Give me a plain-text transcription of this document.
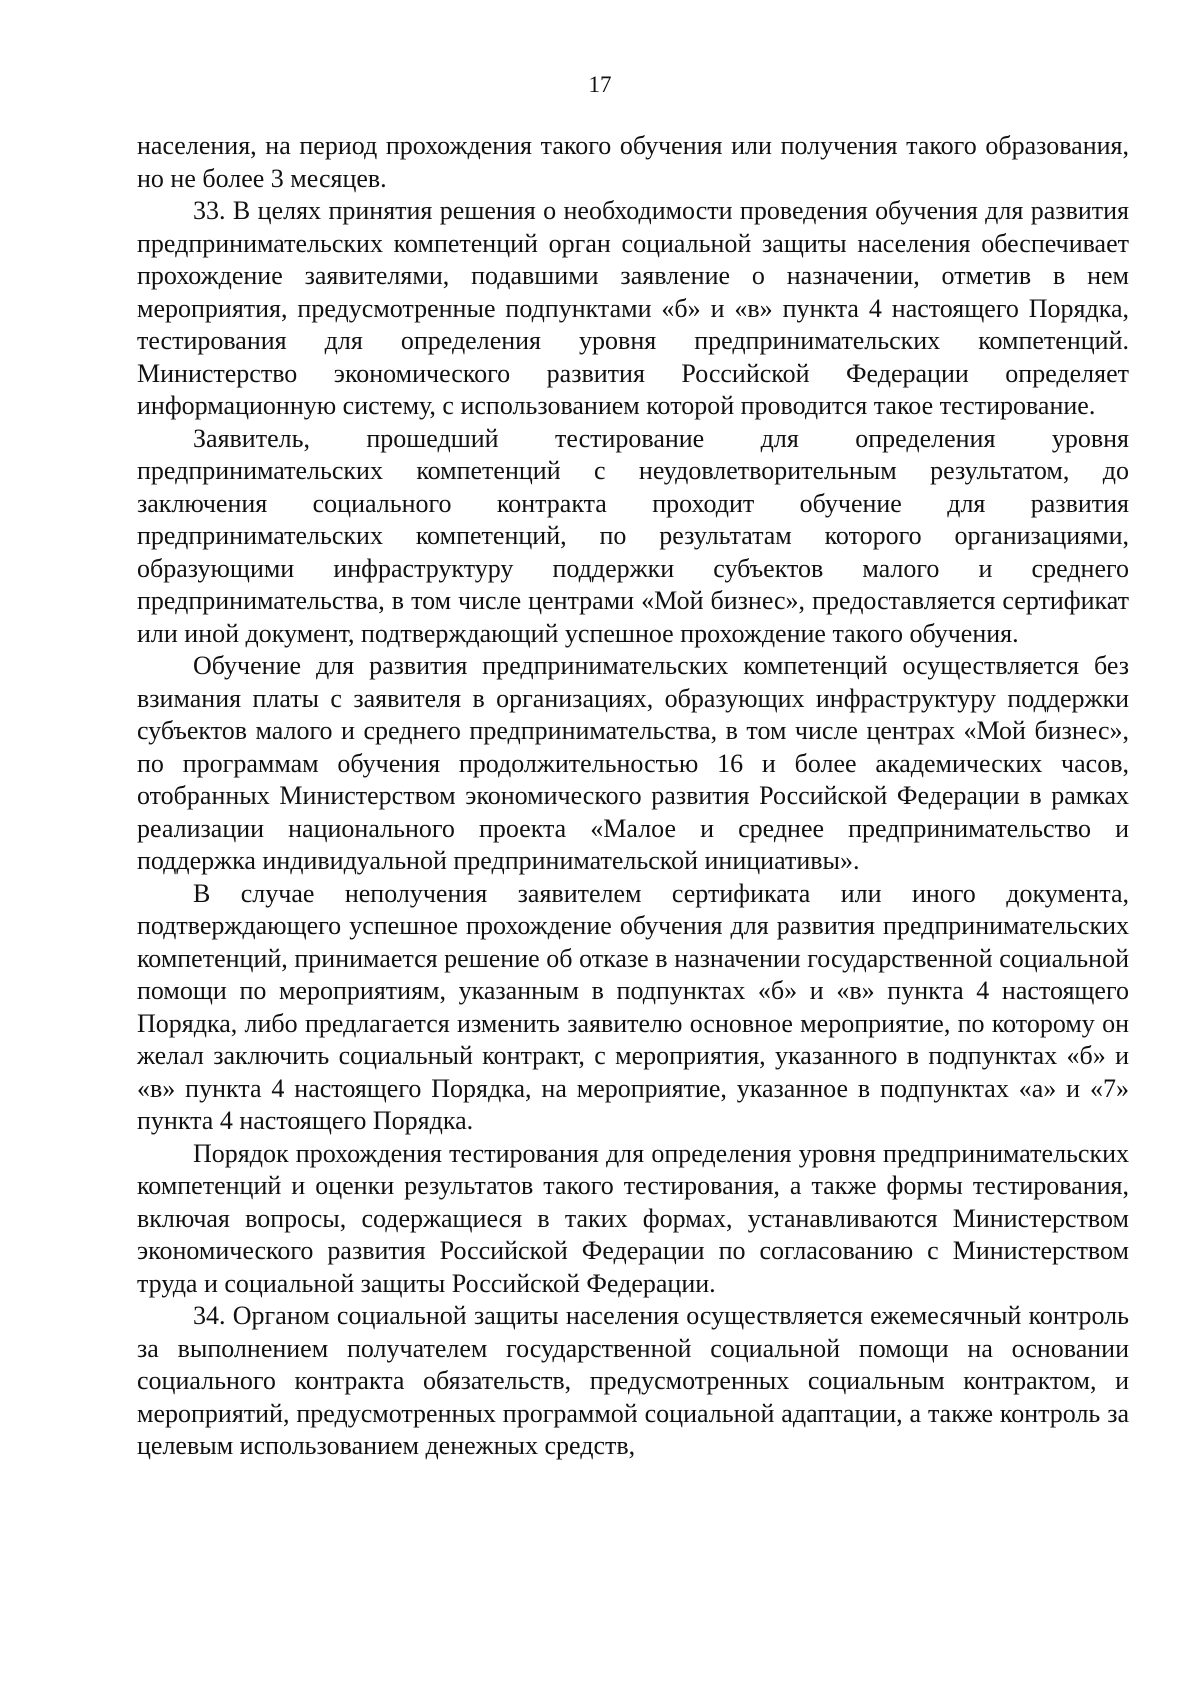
17

населения, на период прохождения такого обучения или получения такого образования, но не более 3 месяцев.

33. В целях принятия решения о необходимости проведения обучения для развития предпринимательских компетенций орган социальной защиты населения обеспечивает прохождение заявителями, подавшими заявление о назначении, отметив в нем мероприятия, предусмотренные подпунктами «б» и «в» пункта 4 настоящего Порядка, тестирования для определения уровня предпринимательских компетенций. Министерство экономического развития Российской Федерации определяет информационную систему, с использованием которой проводится такое тестирование.

Заявитель, прошедший тестирование для определения уровня предпринимательских компетенций с неудовлетворительным результатом, до заключения социального контракта проходит обучение для развития предпринимательских компетенций, по результатам которого организациями, образующими инфраструктуру поддержки субъектов малого и среднего предпринимательства, в том числе центрами «Мой бизнес», предоставляется сертификат или иной документ, подтверждающий успешное прохождение такого обучения.

Обучение для развития предпринимательских компетенций осуществляется без взимания платы с заявителя в организациях, образующих инфраструктуру поддержки субъектов малого и среднего предпринимательства, в том числе центрах «Мой бизнес», по программам обучения продолжительностью 16 и более академических часов, отобранных Министерством экономического развития Российской Федерации в рамках реализации национального проекта «Малое и среднее предпринимательство и поддержка индивидуальной предпринимательской инициативы».

В случае неполучения заявителем сертификата или иного документа, подтверждающего успешное прохождение обучения для развития предпринимательских компетенций, принимается решение об отказе в назначении государственной социальной помощи по мероприятиям, указанным в подпунктах «б» и «в» пункта 4 настоящего Порядка, либо предлагается изменить заявителю основное мероприятие, по которому он желал заключить социальный контракт, с мероприятия, указанного в подпунктах «б» и «в» пункта 4 настоящего Порядка, на мероприятие, указанное в подпунктах «а» и «7» пункта 4 настоящего Порядка.

Порядок прохождения тестирования для определения уровня предпринимательских компетенций и оценки результатов такого тестирования, а также формы тестирования, включая вопросы, содержащиеся в таких формах, устанавливаются Министерством экономического развития Российской Федерации по согласованию с Министерством труда и социальной защиты Российской Федерации.

34. Органом социальной защиты населения осуществляется ежемесячный контроль за выполнением получателем государственной социальной помощи на основании социального контракта обязательств, предусмотренных социальным контрактом, и мероприятий, предусмотренных программой социальной адаптации, а также контроль за целевым использованием денежных средств,
